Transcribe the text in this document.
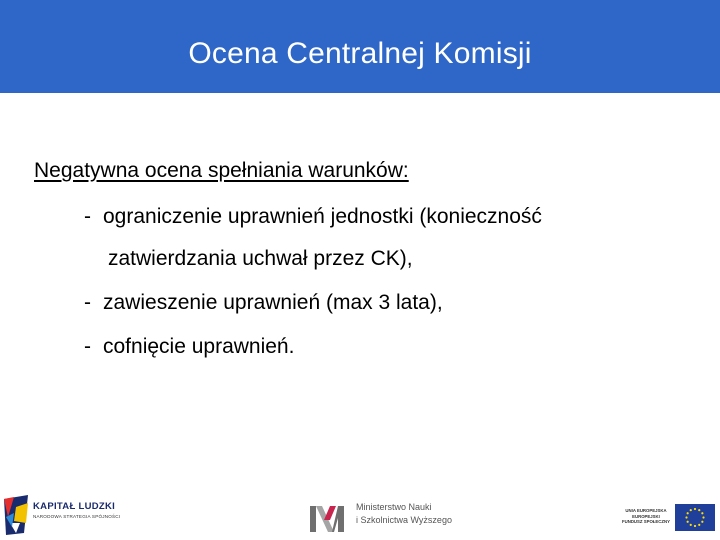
Ocena Centralnej Komisji
Negatywna ocena spełniania warunków:
- ograniczenie uprawnień jednostki (konieczność
zatwierdzania uchwał przez CK),
- zawieszenie uprawnień (max 3 lata),
- cofnięcie uprawnień.
KAPITAŁ LUDZKI
NARODOWA STRATEGIA SPÓJNOŚCI
Ministerstwo Nauki
i Szkolnictwa Wyższego
UNIA EUROPEJSKA
EUROPEJSKI
FUNDUSZ SPOŁECZNY
